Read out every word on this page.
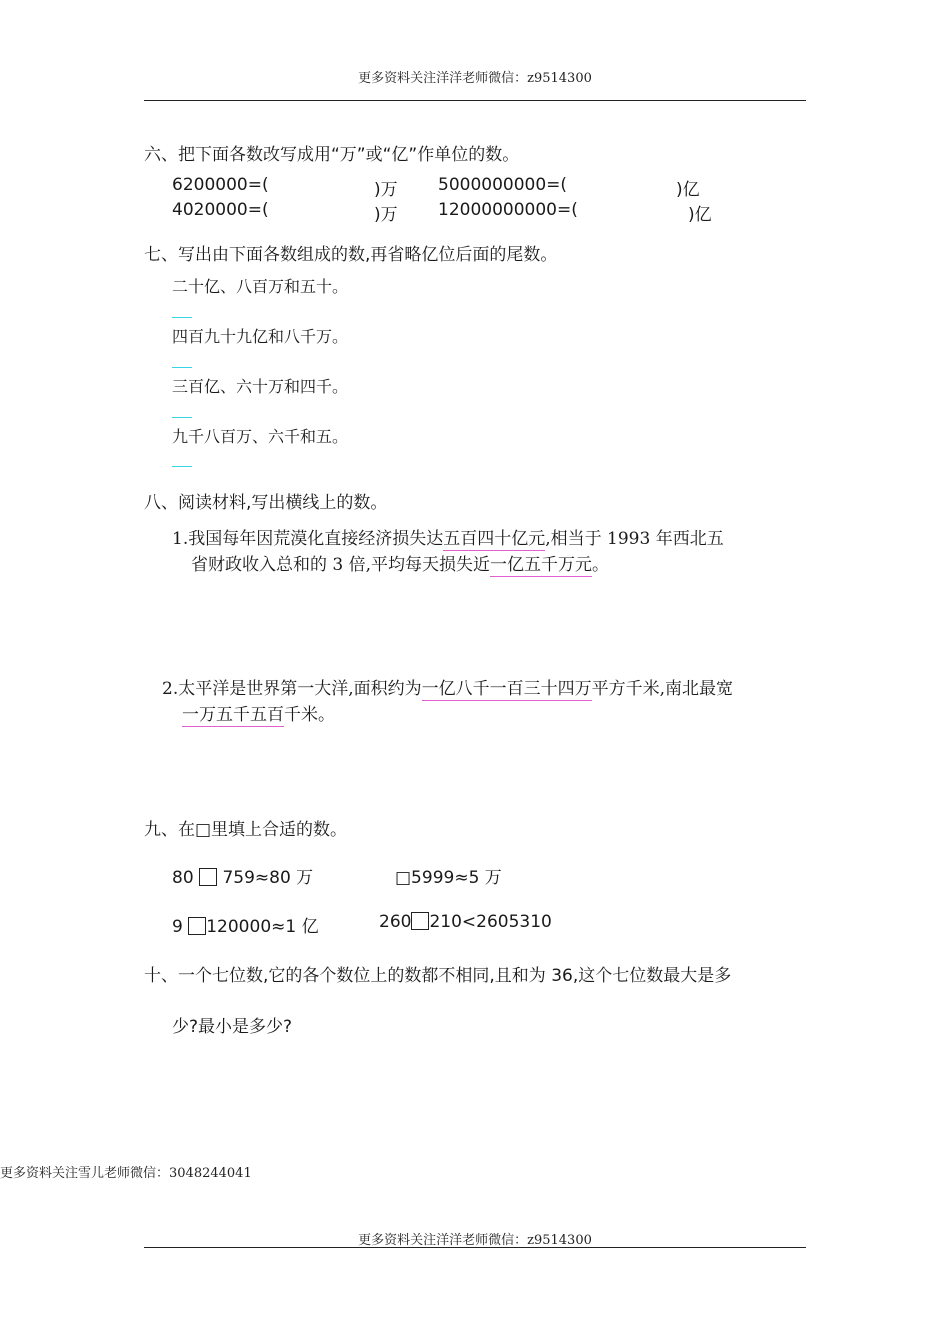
更多资料关注洋洋老师微信：z9514300
六、把下面各数改写成用“万”或“亿”作单位的数。
6200000=(	)万 5000000000=(	)亿
4020000=(	)万 12000000000=(	)亿
七、写出由下面各数组成的数,再省略亿位后面的尾数。
二十亿、八百万和五十。
四百九十九亿和八千万。
三百亿、六十万和四千。
九千八百万、六千和五。
八、阅读材料,写出横线上的数。
1.我国每年因荒漠化直接经济损失达五百四十亿元,相当于 1993 年西北五
省财政收入总和的 3 倍,平均每天损失近一亿五千万元。
2.太平洋是世界第一大洋,面积约为一亿八千一百三十四万平方千米,南北最宽
一万五千五百千米。
九、在□里填上合适的数。
80 759≈80 万	□5999≈5 万
9 120000≈1 亿	260 210<2605310
十、一个七位数,它的各个数位上的数都不相同,且和为 36,这个七位数最大是多
少?最小是多少?
更多资料关注雪儿老师微信：3048244041
更多资料关注洋洋老师微信：z9514300
